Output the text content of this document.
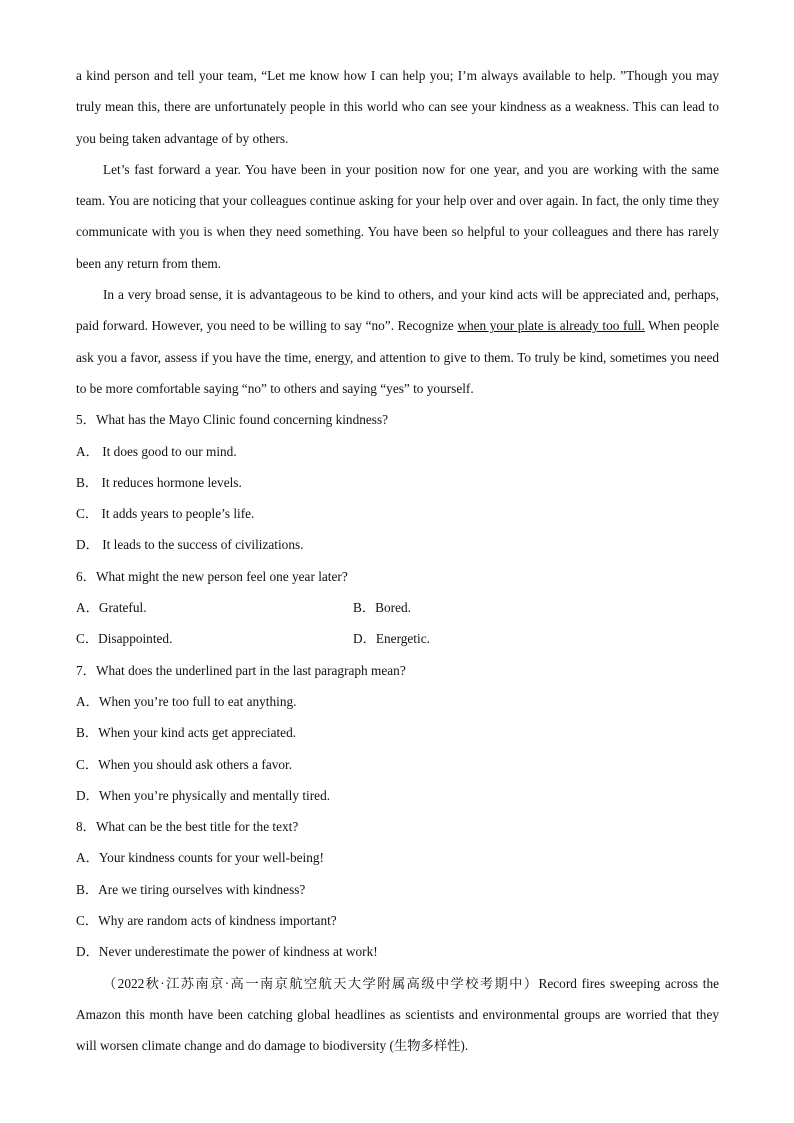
a kind person and tell your team, “Let me know how I can help you; I’m always available to help. ”Though you may truly mean this, there are unfortunately people in this world who can see your kindness as a weakness. This can lead to you being taken advantage of by others.

Let’s fast forward a year. You have been in your position now for one year, and you are working with the same team. You are noticing that your colleagues continue asking for your help over and over again. In fact, the only time they communicate with you is when they need something. You have been so helpful to your colleagues and there has rarely been any return from them.

In a very broad sense, it is advantageous to be kind to others, and your kind acts will be appreciated and, perhaps, paid forward. However, you need to be willing to say “no”. Recognize when your plate is already too full. When people ask you a favor, assess if you have the time, energy, and attention to give to them. To truly be kind, sometimes you need to be more comfortable saying “no” to others and saying “yes” to yourself.

5．What has the Mayo Clinic found concerning kindness?
A． It does good to our mind.
B． It reduces hormone levels.
C． It adds years to people’s life.
D． It leads to the success of civilizations.
6．What might the new person feel one year later?
A．Grateful.	B．Bored.
C．Disappointed.	D．Energetic.
7．What does the underlined part in the last paragraph mean?
A．When you’re too full to eat anything.
B．When your kind acts get appreciated.
C．When you should ask others a favor.
D．When you’re physically and mentally tired.
8．What can be the best title for the text?
A．Your kindness counts for your well-being!
B．Are we tiring ourselves with kindness?
C．Why are random acts of kindness important?
D．Never underestimate the power of kindness at work!

（2022秋·江苏南京·高一南京航空航天大学附属高级中学校考期中）Record fires sweeping across the Amazon this month have been catching global headlines as scientists and environmental groups are worried that they will worsen climate change and do damage to biodiversity (生物多样性).
